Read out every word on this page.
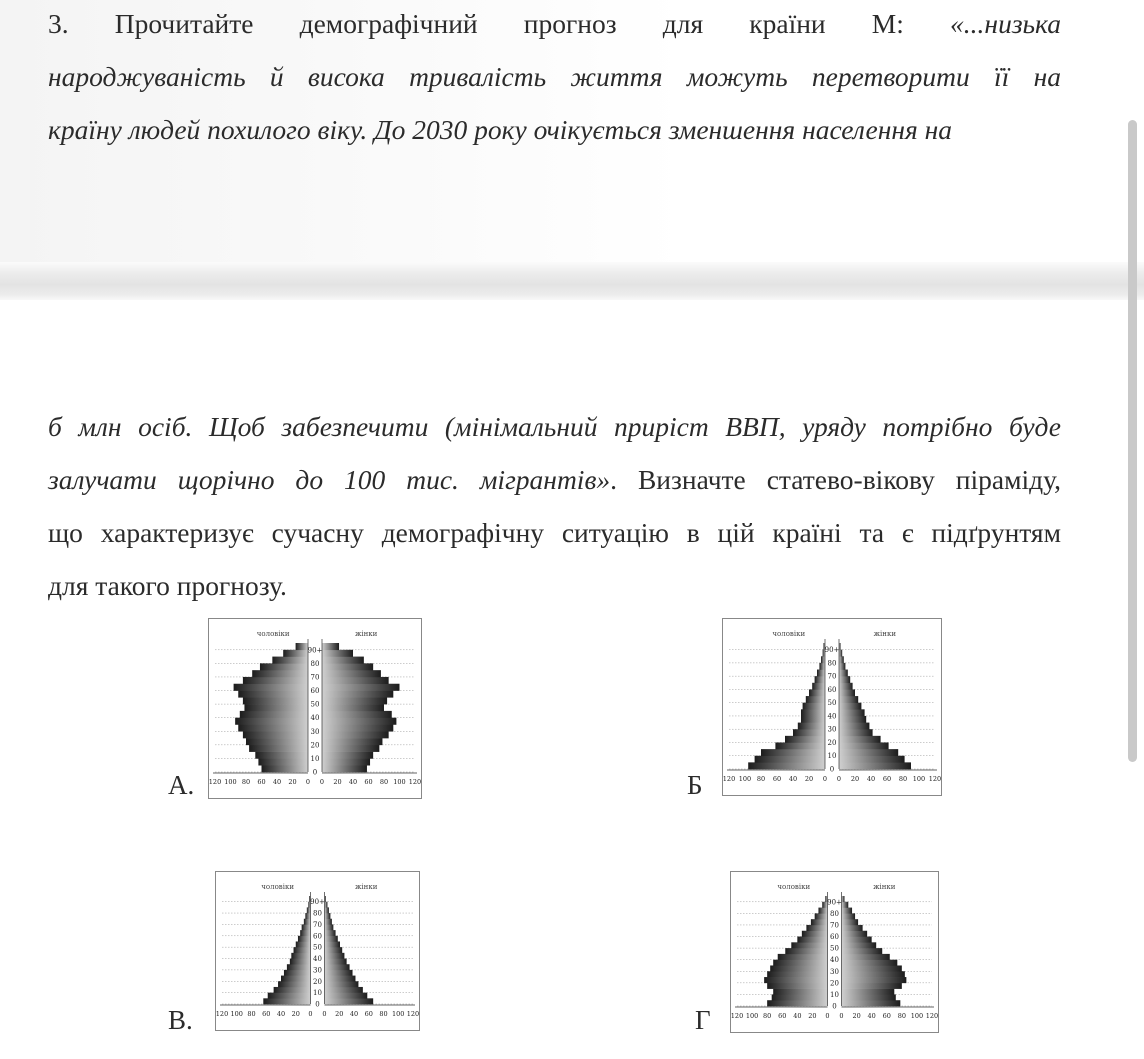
3. Прочитайте демографічний прогноз для країни М: «...низька
народжуваність й висока тривалість життя можуть перетворити її на
країну людей похилого віку. До 2030 року очікується зменшення населення на
б млн осіб. Щоб забезпечити (мінімальний приріст ВВП, уряду потрібно буде
залучати щорічно до 100 тис. мігрантів». Визначте статево-вікову піраміду,
що характеризує сучасну демографічну ситуацію в цій країні та є підґрунтям
для такого прогнозу.
А.
чоловіки	жінки
0
10
20
30
40
50
60
70
80
90+
120 100 80 60 40 20 0 0 20 40 60 80 100 120	Б
чоловіки	жінки
0
10
20
30
40
50
60
70
80
90+
120 100 80 60 40 20 0 0 20 40 60 80 100 120
В.
чоловіки	жінки
0
10
20
30
40
50
60
70
80
90+
120 100 80 60 40 20 0 0 20 40 60 80 100 120	Г
чоловіки	жінки
0
10
20
30
40
50
60
70
80
90+
120 100 80 60 40 20 0 0 20 40 60 80 100 120
